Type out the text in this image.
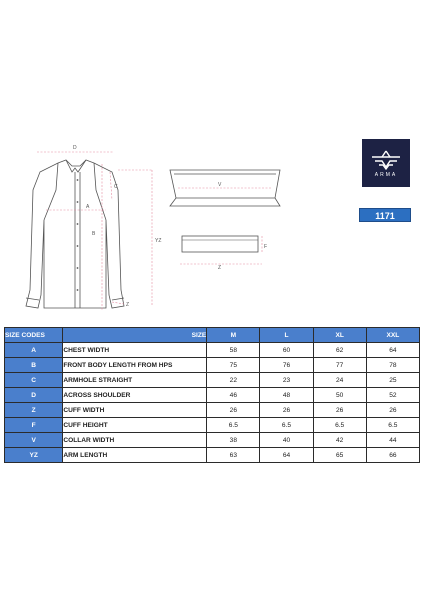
D
C
A
B
YZ
Z
V
Z
F
ARMA
1171
SIZE CODES	SIZE	M	L	XL	XXL
A	CHEST WIDTH	58	60	62	64
B	FRONT BODY LENGTH FROM HPS	75	76	77	78
C	ARMHOLE STRAIGHT	22	23	24	25
D	ACROSS SHOULDER	46	48	50	52
Z	CUFF WIDTH	26	26	26	26
F	CUFF HEIGHT	6.5	6.5	6.5	6.5
V	COLLAR WIDTH	38	40	42	44
YZ	ARM LENGTH	63	64	65	66
